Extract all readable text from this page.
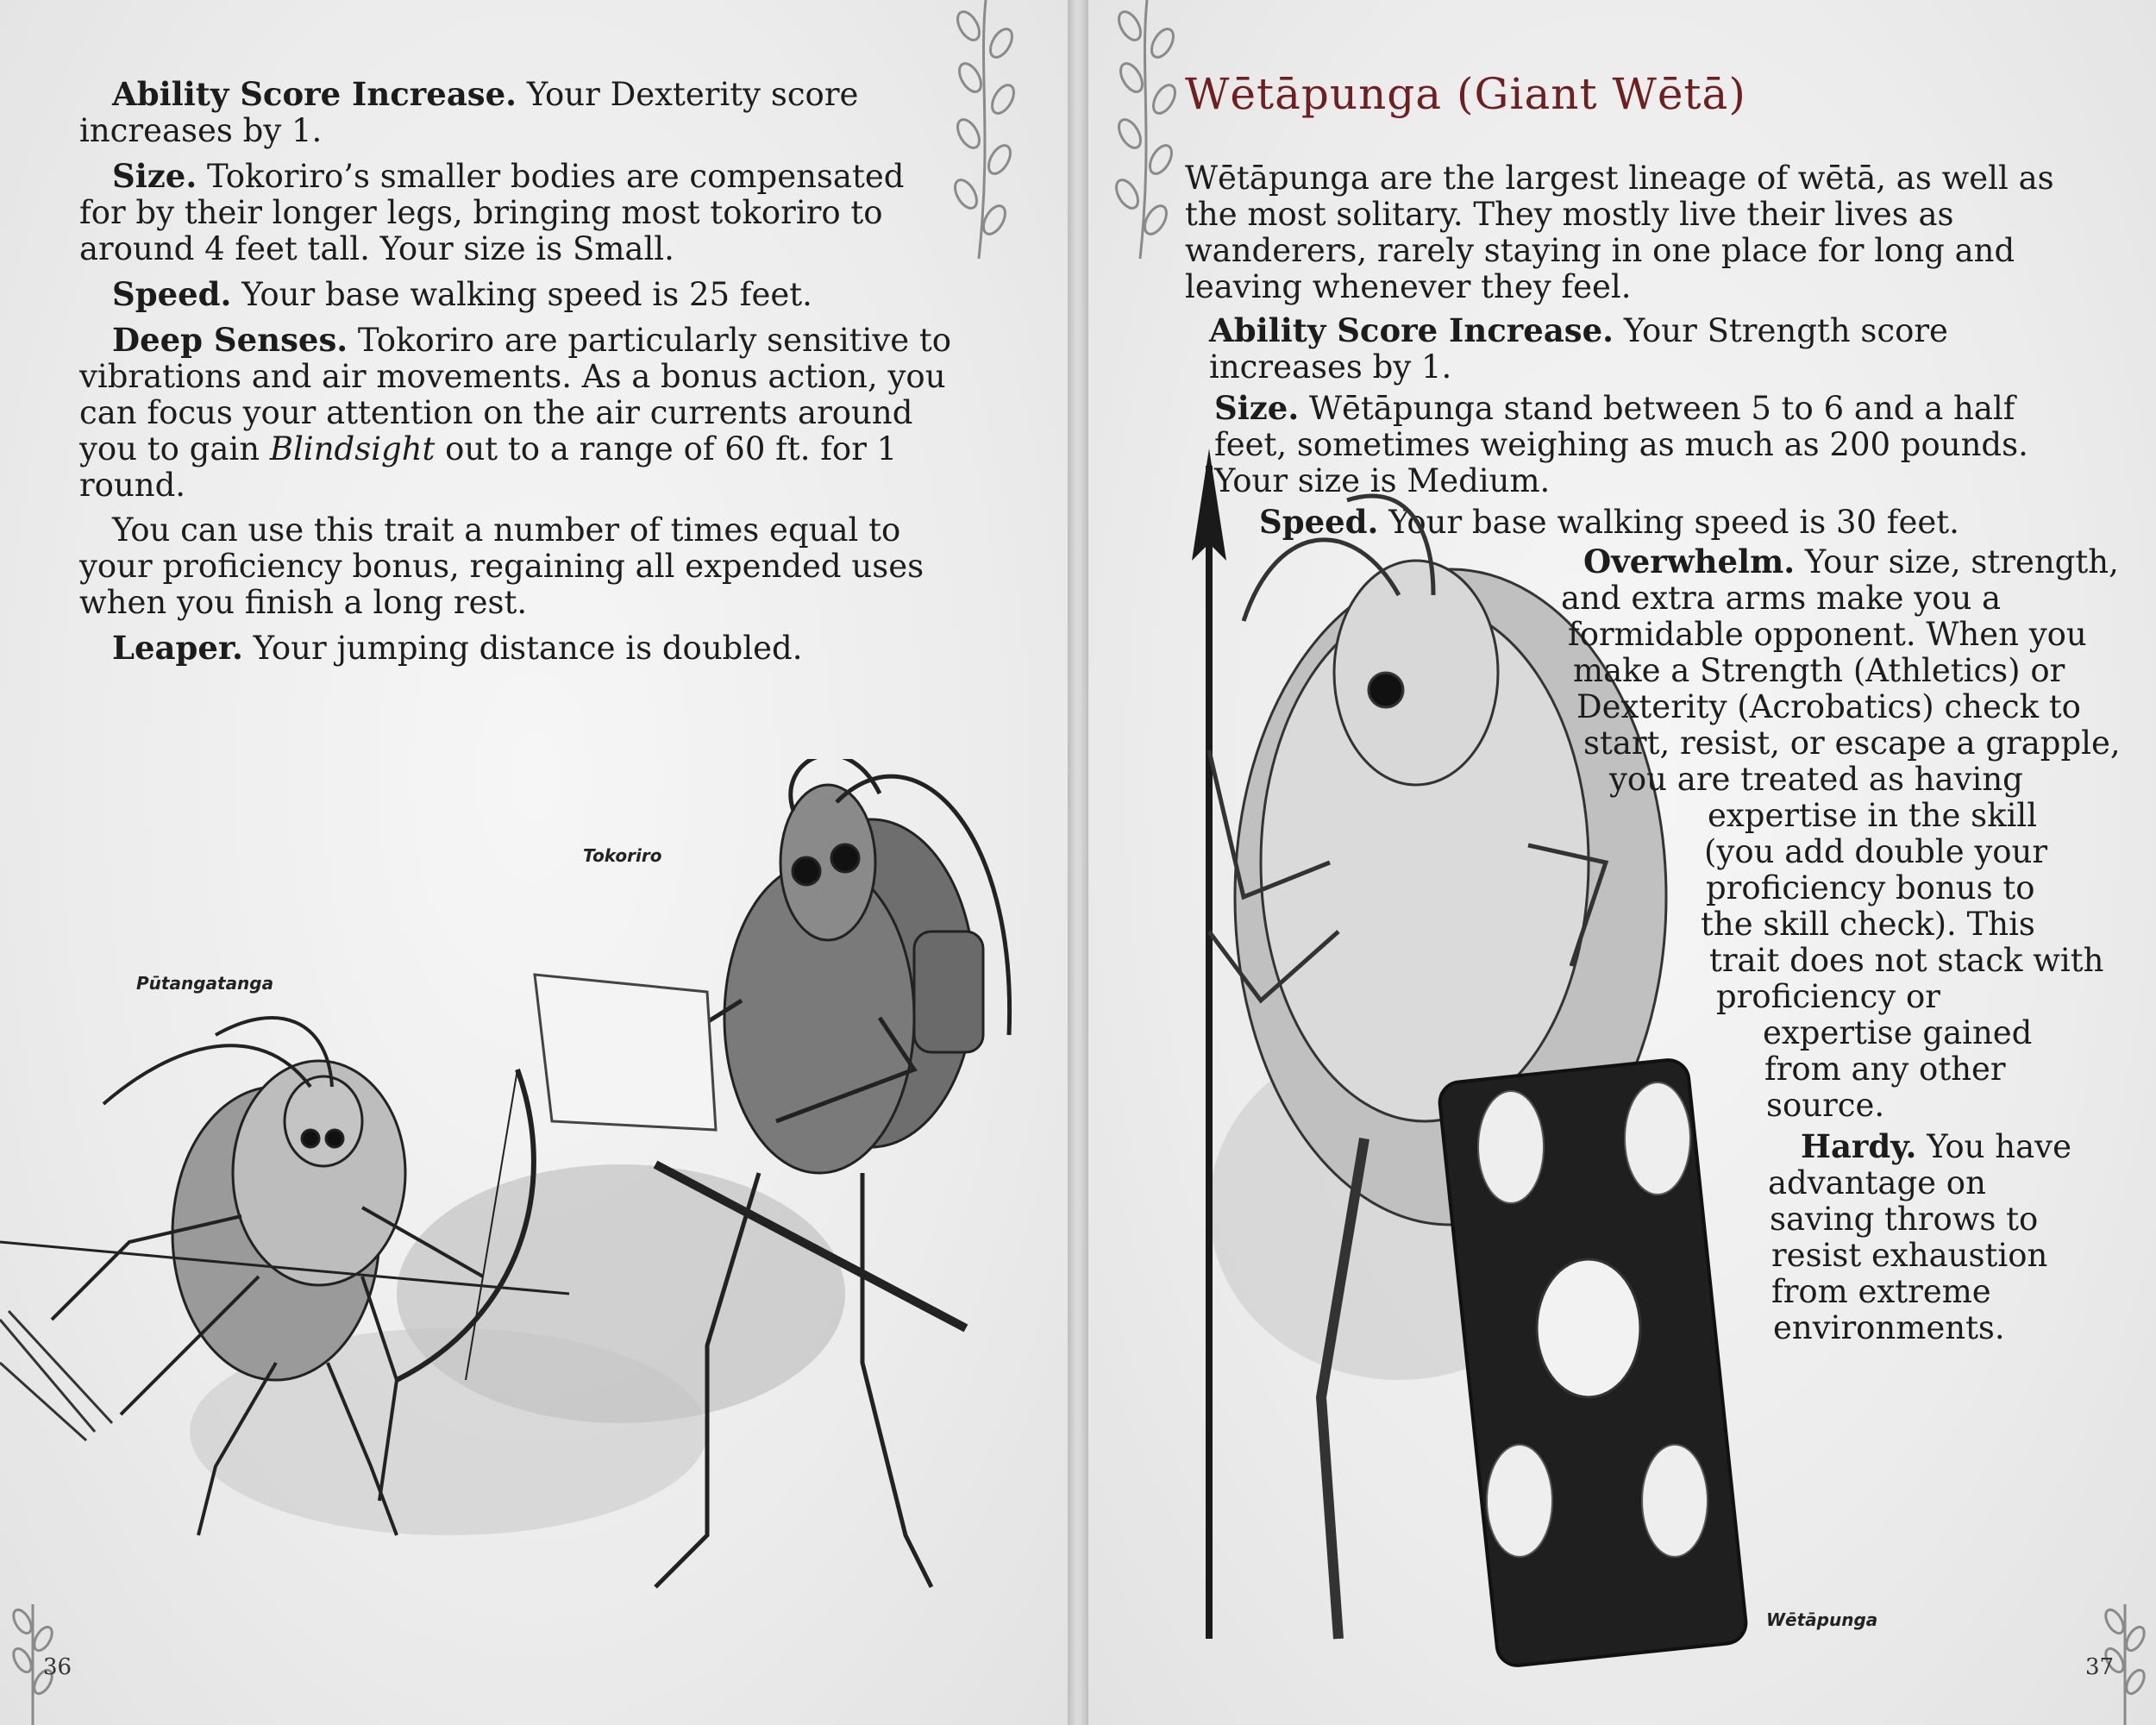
Ability Score Increase. Your Dexterity score increases by 1.

Size. Tokoriro’s smaller bodies are compensated for by their longer legs, bringing most tokoriro to around 4 feet tall. Your size is Small.

Speed. Your base walking speed is 25 feet.

Deep Senses. Tokoriro are particularly sensitive to vibrations and air movements. As a bonus action, you can focus your attention on the air currents around you to gain Blindsight out to a range of 60 ft. for 1 round.

You can use this trait a number of times equal to your proficiency bonus, regaining all expended uses when you finish a long rest.

Leaper. Your jumping distance is doubled.

Tokoriro
Pūtangatanga
36
Wētāpunga (Giant Wētā)

Wētāpunga are the largest lineage of wētā, as well as the most solitary. They mostly live their lives as wanderers, rarely staying in one place for long and leaving whenever they feel.

Ability Score Increase. Your Strength score increases by 1.

Size. Wētāpunga stand between 5 to 6 and a half feet, sometimes weighing as much as 200 pounds. Your size is Medium.

Speed. Your base walking speed is 30 feet.

Overwhelm. Your size, strength,
and extra arms make you a
formidable opponent. When you
make a Strength (Athletics) or
Dexterity (Acrobatics) check to
start, resist, or escape a grapple,
you are treated as having
expertise in the skill
(you add double your
proficiency bonus to
the skill check). This
trait does not stack with
proficiency or
expertise gained
from any other
source.
Hardy. You have
advantage on
saving throws to
resist exhaustion
from extreme
environments.
Wētāpunga
37
